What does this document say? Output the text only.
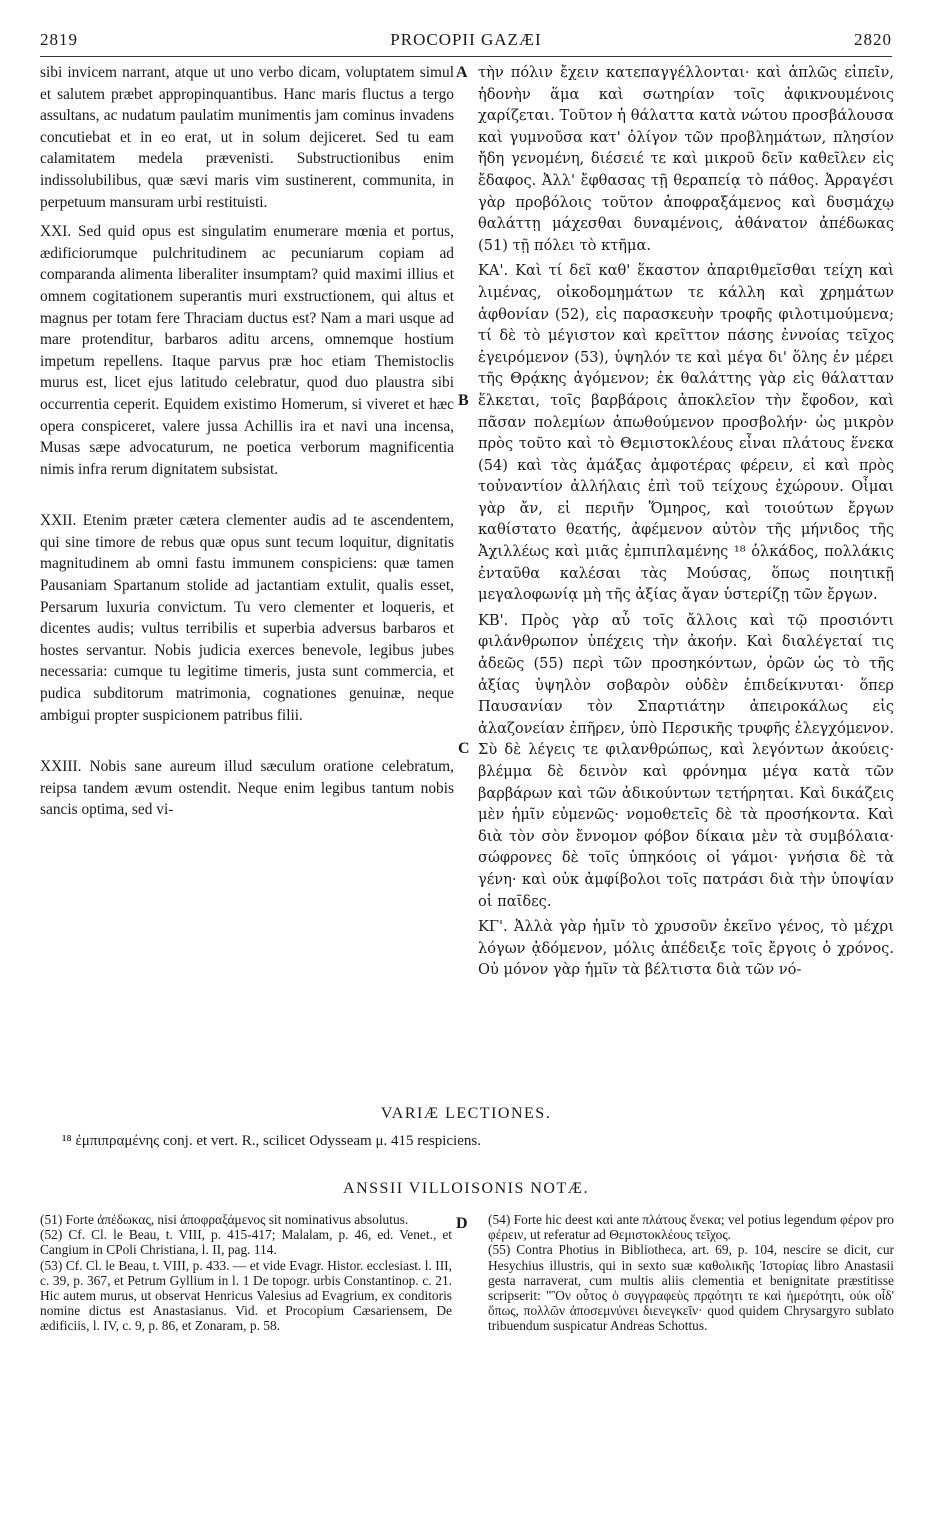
2819	PROCOPII GAZÆI	2820
A
B
C
D

sibi invicem narrant, atque ut uno verbo dicam, voluptatem simul et salutem præbet appropinquantibus. Hanc maris fluctus a tergo assultans, ac nudatum paulatim munimentis jam cominus invadens concutiebat et in eo erat, ut in solum dejiceret. Sed tu eam calamitatem medela prævenisti. Substructionibus enim indissolubilibus, quæ sævi maris vim sustinerent, communita, in perpetuum mansuram urbi restituisti.

XXI. Sed quid opus est singulatim enumerare mœnia et portus, ædificiorumque pulchritudinem ac pecuniarum copiam ad comparanda alimenta liberaliter insumptam? quid maximi illius et omnem cogitationem superantis muri exstructionem, qui altus et magnus per totam fere Thraciam ductus est? Nam a mari usque ad mare protenditur, barbaros aditu arcens, omnemque hostium impetum repellens. Itaque parvus præ hoc etiam Themistoclis murus est, licet ejus latitudo celebratur, quod duo plaustra sibi occurrentia ceperit. Equidem existimo Homerum, si viveret et hæc opera conspiceret, valere jussa Achillis ira et navi una incensa, Musas sæpe advocaturum, ne poetica verborum magnificentia nimis infra rerum dignitatem subsistat.

XXII. Etenim præter cætera clementer audis ad te ascendentem, qui sine timore de rebus quæ opus sunt tecum loquitur, dignitatis magnitudinem ab omni fastu immunem conspiciens: quæ tamen Pausaniam Spartanum stolide ad jactantiam extulit, qualis esset, Persarum luxuria convictum. Tu vero clementer et loqueris, et dicentes audis; vultus terribilis et superbia adversus barbaros et hostes servantur. Nobis judicia exerces benevole, legibus jubes necessaria: cumque tu legitime timeris, justa sunt commercia, et pudica subditorum matrimonia, cognationes genuinæ, neque ambigui propter suspicionem patribus filii.

XXIII. Nobis sane aureum illud sæculum oratione celebratum, reipsa tandem ævum ostendit. Neque enim legibus tantum nobis sancis optima, sed vi-

τὴν πόλιν ἔχειν κατεπαγγέλλονται· καὶ ἁπλῶς εἰπεῖν, ἡδονὴν ἅμα καὶ σωτηρίαν τοῖς ἀφικνουμένοις χαρίζεται. Τοῦτον ἡ θάλαττα κατὰ νώτου προσβάλουσα καὶ γυμνοῦσα κατ' ὀλίγον τῶν προβλημάτων, πλησίον ἤδη γενομένη, διέσειέ τε καὶ μικροῦ δεῖν καθεῖλεν εἰς ἔδαφος. Ἀλλ' ἔφθασας τῇ θεραπείᾳ τὸ πάθος. Ἀρραγέσι γὰρ προβόλοις τοῦτον ἀποφραξάμενος καὶ δυσμάχῳ θαλάττῃ μάχεσθαι δυναμένοις, ἀθάνατον ἀπέδωκας (51) τῇ πόλει τὸ κτῆμα.

ΚΑ'. Καὶ τί δεῖ καθ' ἕκαστον ἀπαριθμεῖσθαι τείχη καὶ λιμένας, οἰκοδομημάτων τε κάλλη καὶ χρημάτων ἀφθονίαν (52), εἰς παρασκευὴν τροφῆς φιλοτιμούμενα; τί δὲ τὸ μέγιστον καὶ κρεῖττον πάσης ἐννοίας τεῖχος ἐγειρόμενον (53), ὑψηλόν τε καὶ μέγα δι' ὅλης ἐν μέρει τῆς Θρᾴκης ἀγόμενον; ἐκ θαλάττης γὰρ εἰς θάλατταν ἕλκεται, τοῖς βαρβάροις ἀποκλεῖον τὴν ἔφοδον, καὶ πᾶσαν πολεμίων ἀπωθούμενον προσβολήν· ὡς μικρὸν πρὸς τοῦτο καὶ τὸ Θεμιστοκλέους εἶναι πλάτους ἕνεκα (54) καὶ τὰς ἁμάξας ἀμφοτέρας φέρειν, εἰ καὶ πρὸς τοὐναντίον ἀλλήλαις ἐπὶ τοῦ τείχους ἐχώρουν. Οἶμαι γὰρ ἄν, εἰ περιῆν Ὅμηρος, καὶ τοιούτων ἔργων καθίστατο θεατής, ἀφέμενον αὐτὸν τῆς μήνιδος τῆς Ἀχιλλέως καὶ μιᾶς ἐμπιπλαμένης ¹⁸ ὁλκάδος, πολλάκις ἐνταῦθα καλέσαι τὰς Μούσας, ὅπως ποιητικῇ μεγαλοφωνίᾳ μὴ τῆς ἀξίας ἄγαν ὑστερίζῃ τῶν ἔργων.

ΚΒ'. Πρὸς γὰρ αὖ τοῖς ἄλλοις καὶ τῷ προσιόντι φιλάνθρωπον ὑπέχεις τὴν ἀκοήν. Καὶ διαλέγεταί τις ἀδεῶς (55) περὶ τῶν προσηκόντων, ὁρῶν ὡς τὸ τῆς ἀξίας ὑψηλὸν σοβαρὸν οὐδὲν ἐπιδείκνυται· ὅπερ Παυσανίαν τὸν Σπαρτιάτην ἀπειροκάλως εἰς ἀλαζονείαν ἐπῆρεν, ὑπὸ Περσικῆς τρυφῆς ἐλεγχόμενον. Σὺ δὲ λέγεις τε φιλανθρώπως, καὶ λεγόντων ἀκούεις· βλέμμα δὲ δεινὸν καὶ φρόνημα μέγα κατὰ τῶν βαρβάρων καὶ τῶν ἀδικούντων τετήρηται. Καὶ δικάζεις μὲν ἡμῖν εὐμενῶς· νομοθετεῖς δὲ τὰ προσήκοντα. Καὶ διὰ τὸν σὸν ἔννομον φόβον δίκαια μὲν τὰ συμβόλαια· σώφρονες δὲ τοῖς ὑπηκόοις οἱ γάμοι· γνήσια δὲ τὰ γένη· καὶ οὐκ ἀμφίβολοι τοῖς πατράσι διὰ τὴν ὑποψίαν οἱ παῖδες.

ΚΓ'. Ἀλλὰ γὰρ ἡμῖν τὸ χρυσοῦν ἐκεῖνο γένος, τὸ μέχρι λόγων ᾀδόμενον, μόλις ἀπέδειξε τοῖς ἔργοις ὁ χρόνος. Οὐ μόνον γὰρ ἡμῖν τὰ βέλτιστα διὰ τῶν νό-

VARIÆ LECTIONES.
¹⁸ ἐμπιπραμένης conj. et vert. R., scilicet Odysseam μ. 415 respiciens.
ANSSII VILLOISONIS NOTÆ.

(51) Forte ἀπέδωκας, nisi ἀποφραξάμενος sit nominativus absolutus.

(52) Cf. Cl. le Beau, t. VIII, p. 415-417; Malalam, p. 46, ed. Venet., et Cangium in CPoli Christiana, l. II, pag. 114.

(53) Cf. Cl. le Beau, t. VIII, p. 433. — et vide Evagr. Histor. ecclesiast. l. III, c. 39, p. 367, et Petrum Gyllium in l. 1 De topogr. urbis Constantinop. c. 21. Hic autem murus, ut observat Henricus Valesius ad Evagrium, ex conditoris nomine dictus est Anastasianus. Vid. et Procopium Cæsariensem, De ædificiis, l. IV, c. 9, p. 86, et Zonaram, p. 58.

(54) Forte hic deest καὶ ante πλάτους ἕνεκα; vel potius legendum φέρον pro φέρειν, ut referatur ad Θεμιστοκλέους τεῖχος.

(55) Contra Photius in Bibliotheca, art. 69, p. 104, nescire se dicit, cur Hesychius illustris, qui in sexto suæ καθολικῆς Ἱστορίας libro Anastasii gesta narraverat, cum multis aliis clementia et benignitate præstitisse scripserit: "Ὃν οὗτος ὁ συγγραφεὺς πρᾳότητι τε καὶ ἡμερότητι, οὐκ οἶδ' ὅπως, πολλῶν ἀποσεμνύνει διενεγκεῖν· quod quidem Chrysargyro sublato tribuendum suspicatur Andreas Schottus.
